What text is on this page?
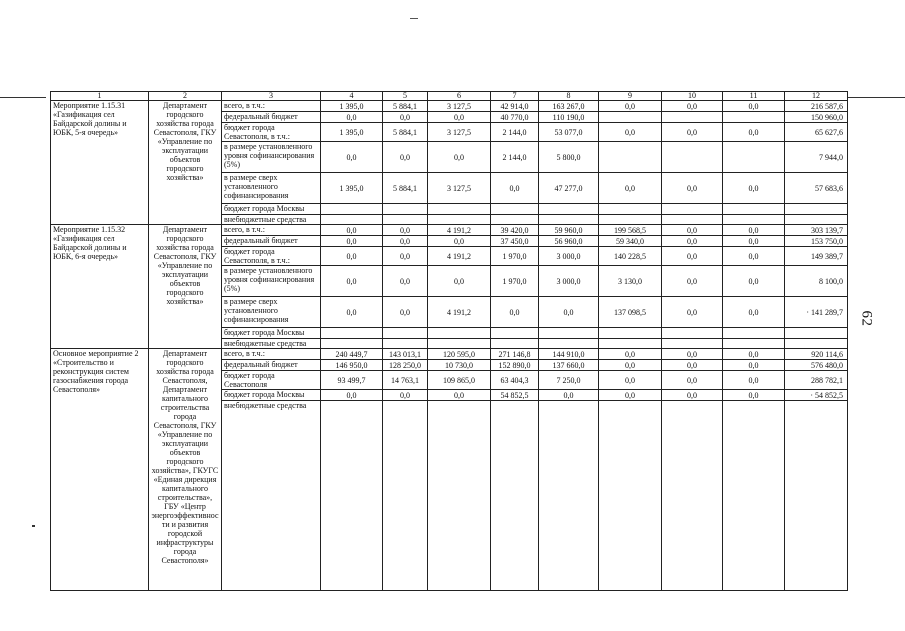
62
1	2	3	4	5	6	7	8	9	10	11	12
Мероприятие 1.15.31 «Газификация сел Байдарской долины и ЮБК, 5-я очередь»	Департамент городского хозяйства города Севастополя, ГКУ «Управление по эксплуатации объектов городского хозяйства»	всего, в т.ч.:	1 395,0	5 884,1	3 127,5	42 914,0	163 267,0	0,0	0,0	0,0	216 587,6
		федеральный бюджет	0,0	0,0	0,0	40 770,0	110 190,0				150 960,0
		бюджет города Севастополя, в т.ч.:	1 395,0	5 884,1	3 127,5	2 144,0	53 077,0	0,0	0,0	0,0	65 627,6
		в размере установленного уровня софинансирования (5%)	0,0	0,0	0,0	2 144,0	5 800,0				7 944,0
		в размере сверх установленного софинансирования	1 395,0	5 884,1	3 127,5	0,0	47 277,0	0,0	0,0	0,0	57 683,6
		бюджет города Москвы									
		внебюджетные средства									
Мероприятие 1.15.32 «Газификация сел Байдарской долины и ЮБК, 6-я очередь»	Департамент городского хозяйства города Севастополя, ГКУ «Управление по эксплуатации объектов городского хозяйства»	всего, в т.ч.:	0,0	0,0	4 191,2	39 420,0	59 960,0	199 568,5	0,0	0,0	303 139,7
		федеральный бюджет	0,0	0,0	0,0	37 450,0	56 960,0	59 340,0	0,0	0,0	153 750,0
		бюджет города Севастополя, в т.ч.:	0,0	0,0	4 191,2	1 970,0	3 000,0	140 228,5	0,0	0,0	149 389,7
		в размере установленного уровня софинансирования (5%)	0,0	0,0	0,0	1 970,0	3 000,0	3 130,0	0,0	0,0	8 100,0
		в размере сверх установленного софинансирования	0,0	0,0	4 191,2	0,0	0,0	137 098,5	0,0	0,0	· 141 289,7
		бюджет города Москвы									
		внебюджетные средства									
Основное мероприятие 2 «Строительство и реконструкция систем газоснабжения города Севастополя»	Департамент городского хозяйства города Севастополя, Департамент капитального строительства города Севастополя, ГКУ «Управление по эксплуатации объектов городского хозяйства», ГКУГС «Единая дирекция капитального строительства», ГБУ «Центр энергоэффективности и развития городской инфраструктуры города Севастополя»	всего, в т.ч.:	240 449,7	143 013,1	120 595,0	271 146,8	144 910,0	0,0	0,0	0,0	920 114,6
		федеральный бюджет	146 950,0	128 250,0	10 730,0	152 890,0	137 660,0	0,0	0,0	0,0	576 480,0
		бюджет города Севастополя	93 499,7	14 763,1	109 865,0	63 404,3	7 250,0	0,0	0,0	0,0	288 782,1
		бюджет города Москвы	0,0	0,0	0,0	54 852,5	0,0	0,0	0,0	0,0	· 54 852,5
		внебюджетные средства									
